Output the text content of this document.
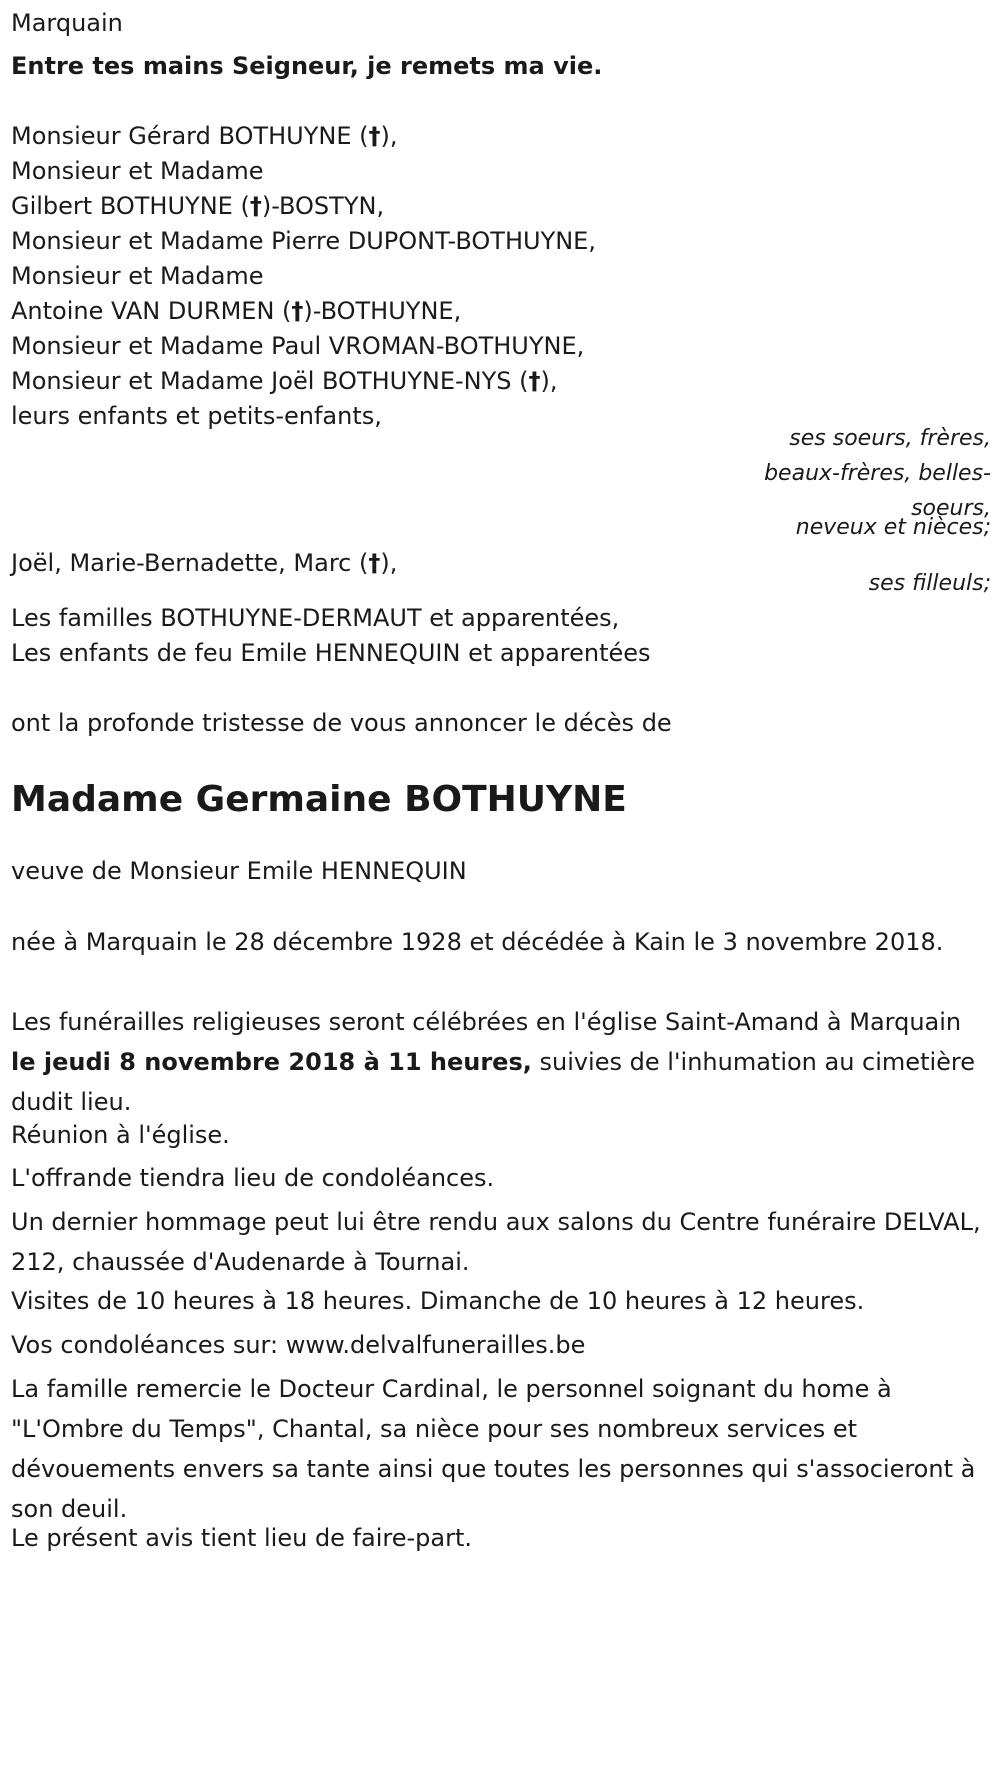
Marquain
Entre tes mains Seigneur, je remets ma vie.
Monsieur Gérard BOTHUYNE (†),
Monsieur et Madame
Gilbert BOTHUYNE (†)-BOSTYN,
Monsieur et Madame Pierre DUPONT-BOTHUYNE,
Monsieur et Madame
Antoine VAN DURMEN (†)-BOTHUYNE,
Monsieur et Madame Paul VROMAN-BOTHUYNE,
Monsieur et Madame Joël BOTHUYNE-NYS (†),
leurs enfants et petits-enfants,
ses soeurs, frères,
beaux-frères, belles-
soeurs,
neveux et nièces;
Joël, Marie-Bernadette, Marc (†),
ses filleuls;
Les familles BOTHUYNE-DERMAUT et apparentées,
Les enfants de feu Emile HENNEQUIN et apparentées
ont la profonde tristesse de vous annoncer le décès de
Madame Germaine BOTHUYNE
veuve de Monsieur Emile HENNEQUIN
née à Marquain le 28 décembre 1928 et décédée à Kain le 3 novembre 2018.
Les funérailles religieuses seront célébrées en l'église Saint-Amand à Marquain le jeudi 8 novembre 2018 à 11 heures, suivies de l'inhumation au cimetière dudit lieu.
Réunion à l'église.
L'offrande tiendra lieu de condoléances.
Un dernier hommage peut lui être rendu aux salons du Centre funéraire DELVAL, 212, chaussée d'Audenarde à Tournai.
Visites de 10 heures à 18 heures. Dimanche de 10 heures à 12 heures.
Vos condoléances sur: www.delvalfunerailles.be
La famille remercie le Docteur Cardinal, le personnel soignant du home à "L'Ombre du Temps", Chantal, sa nièce pour ses nombreux services et dévouements envers sa tante ainsi que toutes les personnes qui s'associeront à son deuil.
Le présent avis tient lieu de faire-part.
